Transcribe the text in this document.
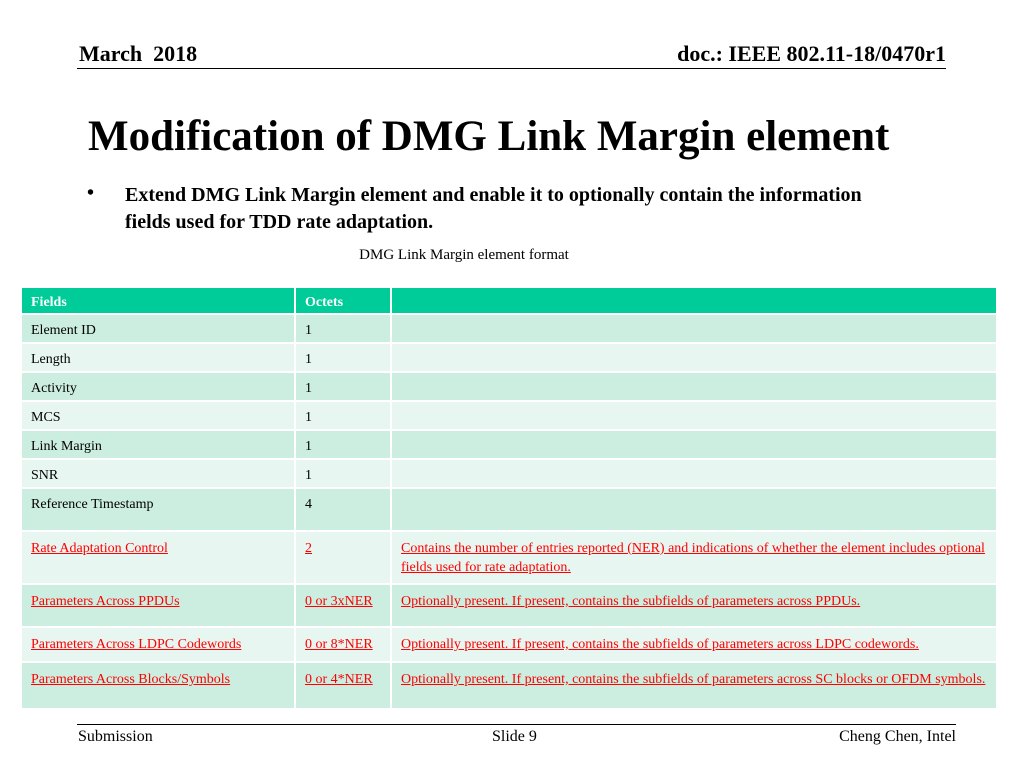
March  2018	doc.: IEEE 802.11-18/0470r1
Modification of DMG Link Margin element
• Extend DMG Link Margin element and enable it to optionally contain the information fields used for TDD rate adaptation.
DMG Link Margin element format
Fields	Octets	
Element ID	1	
Length	1	
Activity	1	
MCS	1	
Link Margin	1	
SNR	1	
Reference Timestamp	4	
Rate Adaptation Control	2	Contains the number of entries reported (NER) and indications of whether the element includes optional fields used for rate adaptation.
Parameters Across PPDUs	0 or 3xNER	Optionally present. If present, contains the subfields of parameters across PPDUs.
Parameters Across LDPC Codewords	0 or 8*NER	Optionally present. If present, contains the subfields of parameters across LDPC codewords.
Parameters Across Blocks/Symbols	0 or 4*NER	Optionally present. If present, contains the subfields of parameters across SC blocks or OFDM symbols.
Submission	Slide 9	Cheng Chen, Intel
